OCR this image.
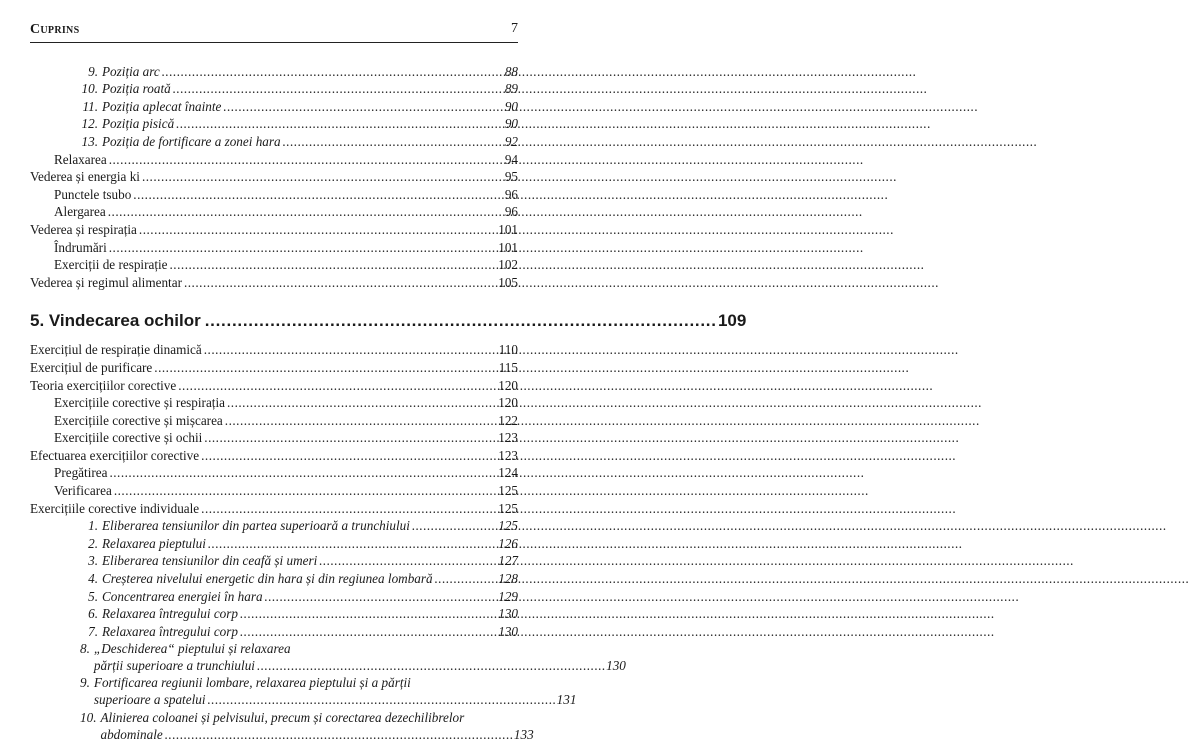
Cuprins	7
9. Poziția arc . . .	88
10. Poziția roată . . .	89
11. Poziția aplecat înainte . . .	90
12. Poziția pisică . . .	90
13. Poziția de fortificare a zonei hara . . .	92
Relaxarea . . .	94
Vederea și energia ki . . .	95
Punctele tsubo . . .	96
Alergarea . . .	96
Vederea și respirația . . .	101
Îndrumări . . .	101
Exerciții de respirație . . .	102
Vederea și regimul alimentar . . .	105
5. Vindecarea ochilor . . .	109
Exercițiul de respirație dinamică . . .	110
Exercițiul de purificare . . .	115
Teoria exercițiilor corective . . .	120
Exercițiile corective și respirația . . .	120
Exercițiile corective și mișcarea . . .	122
Exercițiile corective și ochii . . .	123
Efectuarea exercițiilor corective . . .	123
Pregătirea . . .	124
Verificarea . . .	125
Exercițiile corective individuale . . .	125
1. Eliberarea tensiunilor din partea superioară a trunchiului . . .	125
2. Relaxarea pieptului . . .	126
3. Eliberarea tensiunilor din ceafă și umeri . . .	127
4. Creșterea nivelului energetic din hara și din regiunea lombară . . .	128
5. Concentrarea energiei în hara . . .	129
6. Relaxarea întregului corp . . .	130
7. Relaxarea întregului corp . . .	130
8. „Deschiderea“ pieptului și relaxarea
părții superioare a trunchiului . . .	130
9. Fortificarea regiunii lombare, relaxarea pieptului și a părții
superioare a spatelui . . .	131
10. Alinierea coloanei și pelvisului, precum și corectarea dezechilibrelor
abdominale . . .	133
